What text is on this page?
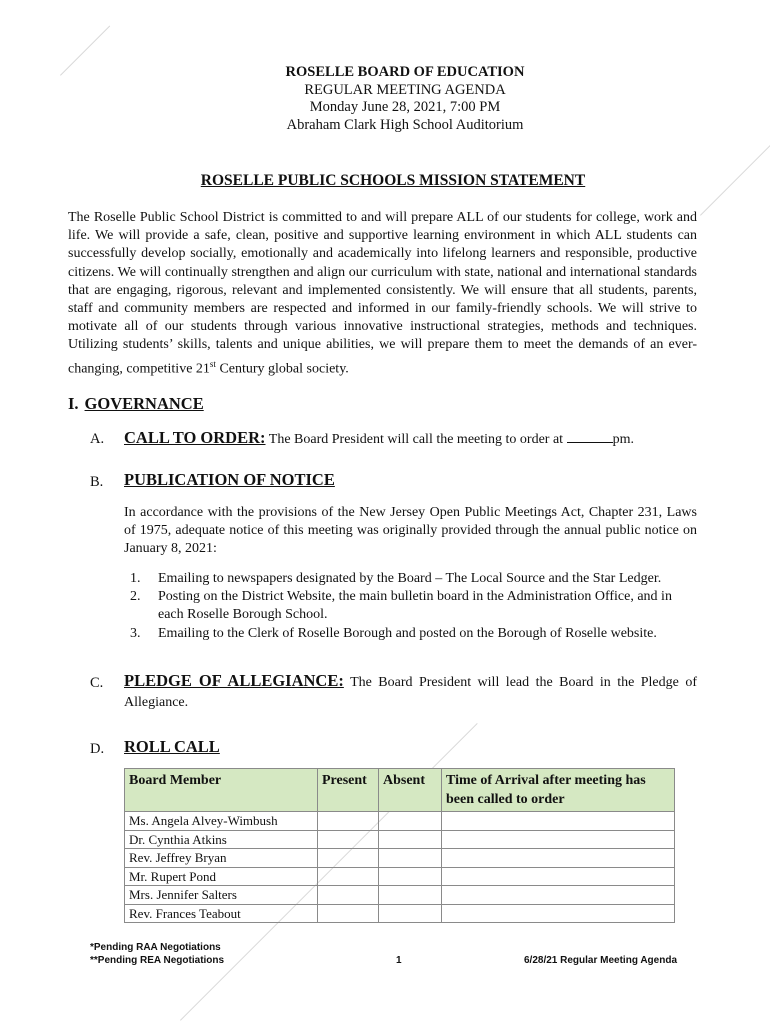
ROSELLE BOARD OF EDUCATION
REGULAR MEETING AGENDA
Monday June 28, 2021, 7:00 PM
Abraham Clark High School Auditorium
ROSELLE PUBLIC SCHOOLS MISSION STATEMENT
The Roselle Public School District is committed to and will prepare ALL of our students for college, work and life. We will provide a safe, clean, positive and supportive learning environment in which ALL students can successfully develop socially, emotionally and academically into lifelong learners and responsible, productive citizens. We will continually strengthen and align our curriculum with state, national and international standards that are engaging, rigorous, relevant and implemented consistently. We will ensure that all students, parents, staff and community members are respected and informed in our family-friendly schools. We will strive to motivate all of our students through various innovative instructional strategies, methods and techniques. Utilizing students’ skills, talents and unique abilities, we will prepare them to meet the demands of an ever-changing, competitive 21st Century global society.
I. GOVERNANCE
A. CALL TO ORDER: The Board President will call the meeting to order at	pm.
B. PUBLICATION OF NOTICE
In accordance with the provisions of the New Jersey Open Public Meetings Act, Chapter 231, Laws of 1975, adequate notice of this meeting was originally provided through the annual public notice on January 8, 2021:
1. Emailing to newspapers designated by the Board – The Local Source and the Star Ledger.
2. Posting on the District Website, the main bulletin board in the Administration Office, and in each Roselle Borough School.
3. Emailing to the Clerk of Roselle Borough and posted on the Borough of Roselle website.
C. PLEDGE OF ALLEGIANCE: The Board President will lead the Board in the Pledge of Allegiance.
D. ROLL CALL
Board Member	Present	Absent	Time of Arrival after meeting has been called to order
Ms. Angela Alvey-Wimbush			
Dr. Cynthia Atkins			
Rev. Jeffrey Bryan			
Mr. Rupert Pond			
Mrs. Jennifer Salters			
Rev. Frances Teabout			
*Pending RAA Negotiations
**Pending REA Negotiations	1	6/28/21 Regular Meeting Agenda
